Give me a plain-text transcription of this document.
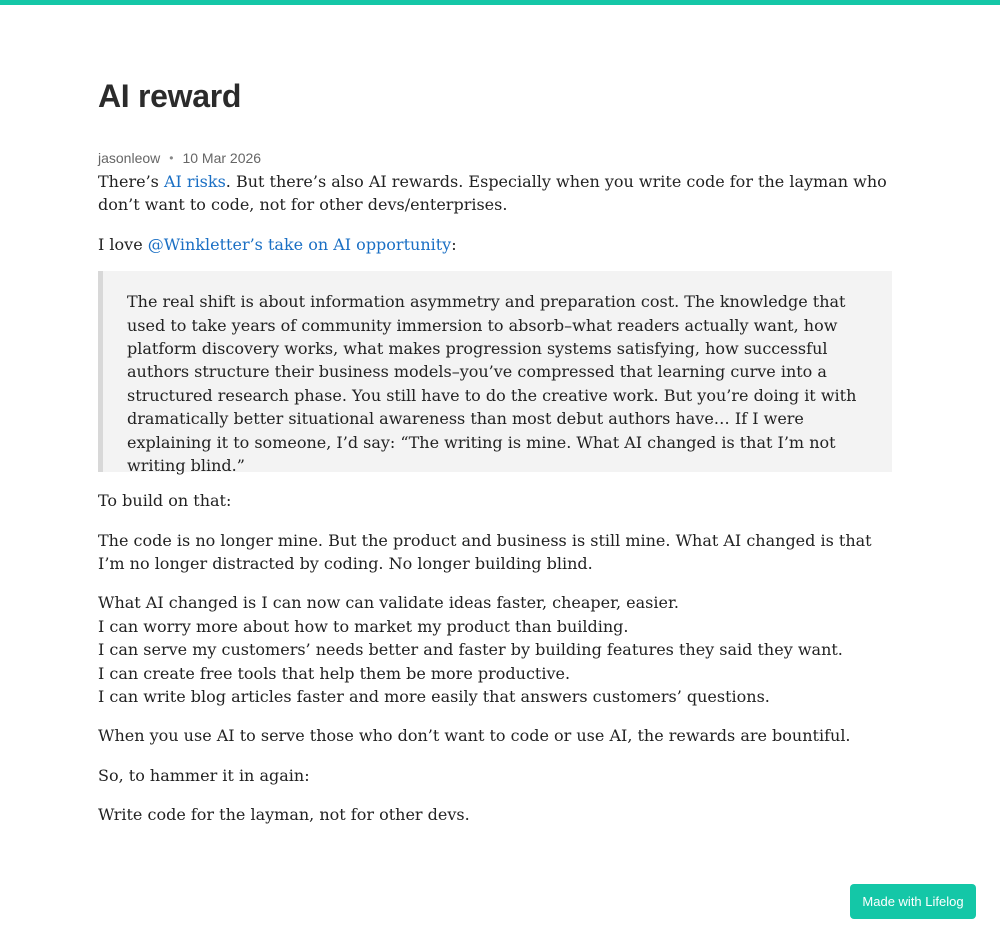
AI reward
jasonleow • 10 Mar 2026

There’s AI risks. But there’s also AI rewards. Especially when you write code for the layman who don’t want to code, not for other devs/enterprises.

I love @Winkletter’s take on AI opportunity:

The real shift is about information asymmetry and preparation cost. The knowledge that used to take years of community immersion to absorb–what readers actually want, how platform discovery works, what makes progression systems satisfying, how successful authors structure their business models–you’ve compressed that learning curve into a structured research phase. You still have to do the creative work. But you’re doing it with dramatically better situational awareness than most debut authors have… If I were explaining it to someone, I’d say: “The writing is mine. What AI changed is that I’m not writing blind.”

To build on that:

The code is no longer mine. But the product and business is still mine. What AI changed is that I’m no longer distracted by coding. No longer building blind.

What AI changed is I can now can validate ideas faster, cheaper, easier.

I can worry more about how to market my product than building.

I can serve my customers’ needs better and faster by building features they said they want.

I can create free tools that help them be more productive.

I can write blog articles faster and more easily that answers customers’ questions.

When you use AI to serve those who don’t want to code or use AI, the rewards are bountiful.

So, to hammer it in again:

Write code for the layman, not for other devs.

Made with Lifelog
